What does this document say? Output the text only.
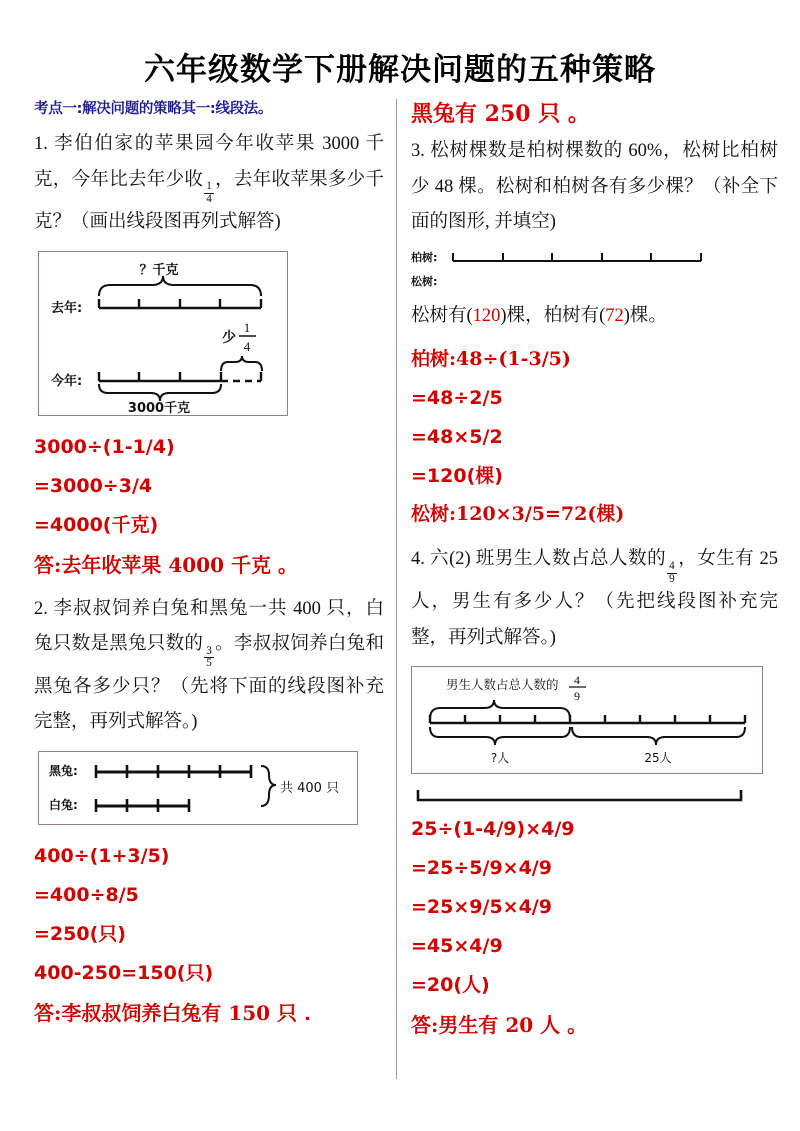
六年级数学下册解决问题的五种策略
考点一:解决问题的策略其一:线段法。
1. 李伯伯家的苹果园今年收苹果 3000 千克，今年比去年少收
$\frac{1}{4}$
，去年收苹果多少千克？（画出线段图再列式解答)
？千克
去年:
少
1
4
今年:
3000千克
3000÷(1-1/4)
=3000÷3/4
=4000(千克)
答:去年收苹果 4000 千克 。
2. 李叔叔饲养白兔和黑兔一共 400 只，白兔只数是黑兔只数的
$\frac{3}{5}$
。李叔叔饲养白兔和黑兔各多少只？（先将下面的线段图补充完整，再列式解答。)
黑兔:
白兔:
共 400 只
400÷(1+3/5)
=400÷8/5
=250(只)
400-250=150(只)
答:李叔叔饲养白兔有 150 只 .
黑兔有 250 只 。
3. 松树棵数是柏树棵数的 60%，松树比柏树少 48 棵。松树和柏树各有多少棵？（补全下面的图形, 并填空)
柏树:
松树:
松树有(120)棵，柏树有(72)棵。
柏树:48÷(1-3/5)
=48÷2/5
=48×5/2
=120(棵)
松树:120×3/5=72(棵)
4. 六(2) 班男生人数占总人数的
$\frac{4}{9}$
，女生有 25 人，男生有多少人？（先把线段图补充完整，再列式解答。)
男生人数占总人数的 4
9
?人	25人
25÷(1-4/9)×4/9
=25÷5/9×4/9
=25×9/5×4/9
=45×4/9
=20(人)
答:男生有 20 人 。
